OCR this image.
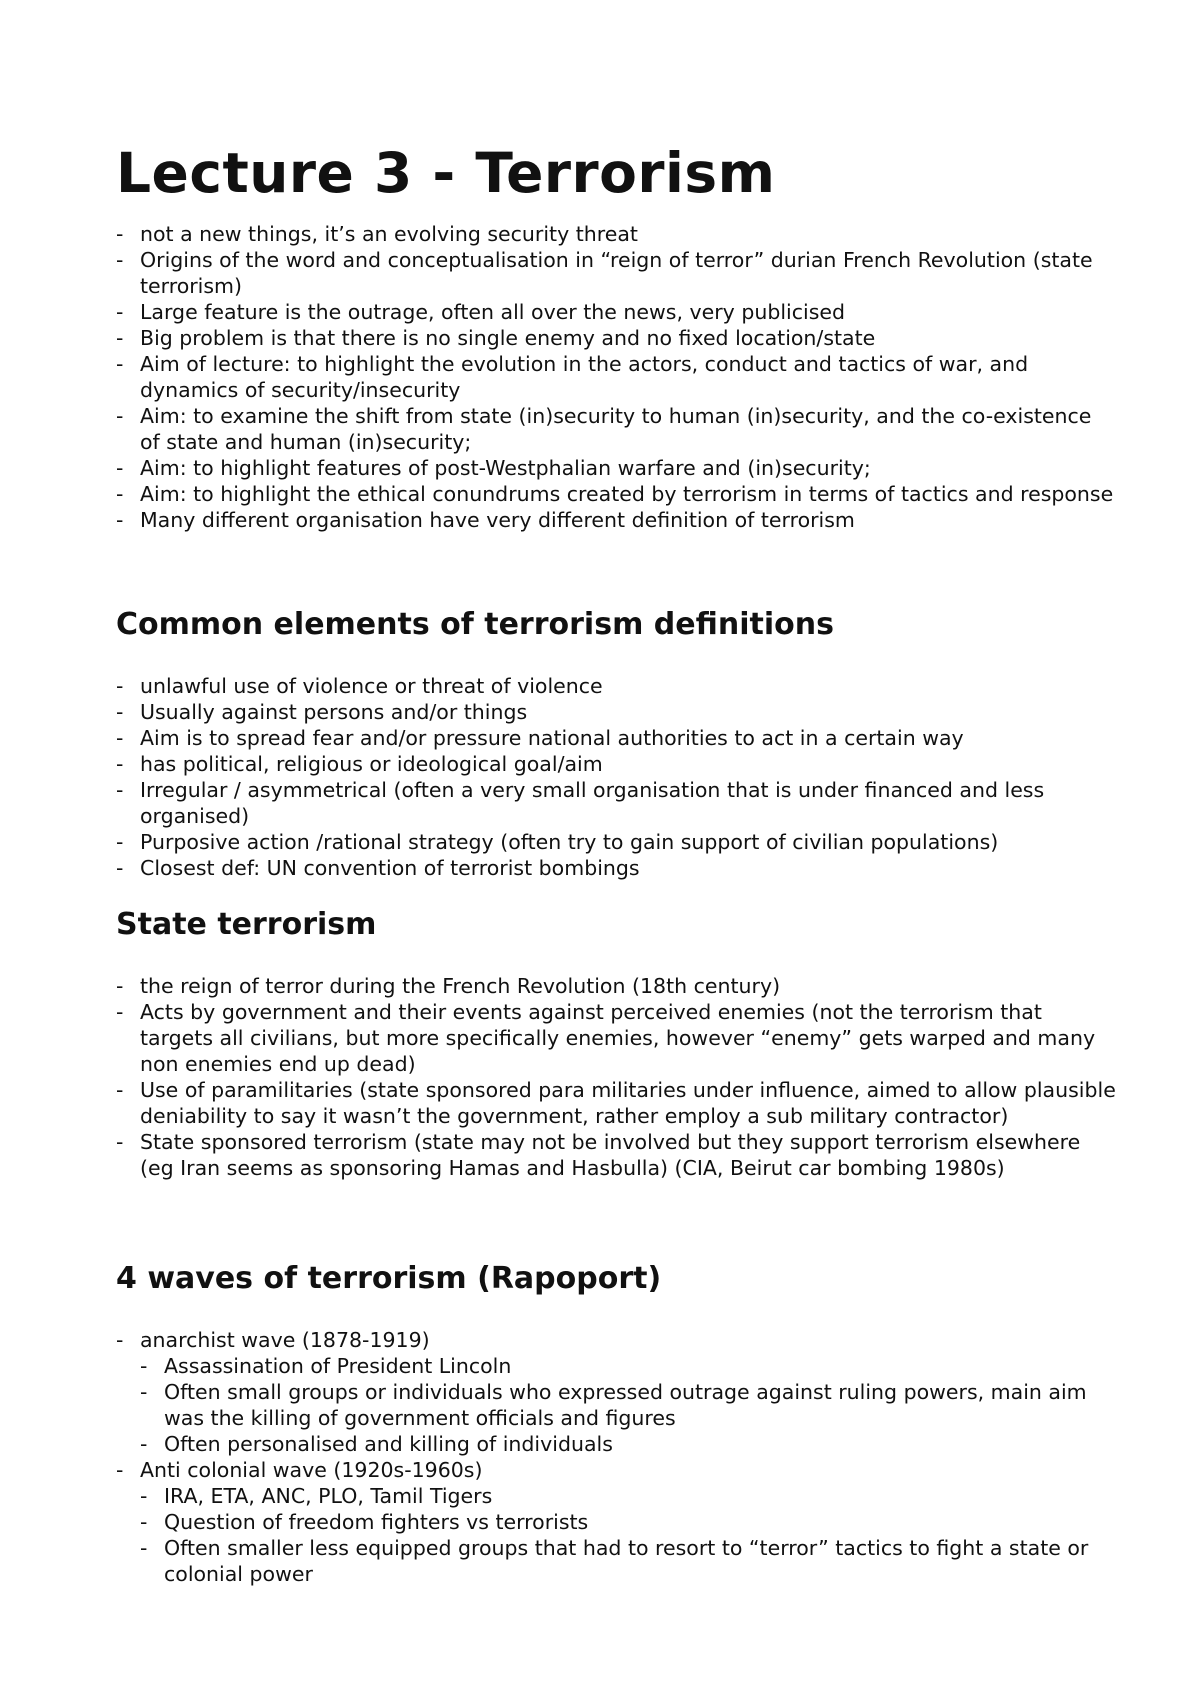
Lecture 3 - Terrorism
- not a new things, it’s an evolving security threat
- Origins of the word and conceptualisation in “reign of terror” durian French Revolution (state terrorism)
- Large feature is the outrage, often all over the news, very publicised
- Big problem is that there is no single enemy and no fixed location/state
- Aim of lecture: to highlight the evolution in the actors, conduct and tactics of war, and dynamics of security/insecurity
- Aim: to examine the shift from state (in)security to human (in)security, and the co-existence of state and human (in)security;
- Aim: to highlight features of post-Westphalian warfare and (in)security;
- Aim: to highlight the ethical conundrums created by terrorism in terms of tactics and response
- Many different organisation have very different definition of terrorism
Common elements of terrorism definitions
- unlawful use of violence or threat of violence
- Usually against persons and/or things
- Aim is to spread fear and/or pressure national authorities to act in a certain way
- has political, religious or ideological goal/aim
- Irregular / asymmetrical (often a very small organisation that is under financed and less organised)
- Purposive action /rational strategy (often try to gain support of civilian populations)
- Closest def: UN convention of terrorist bombings
State terrorism
- the reign of terror during the French Revolution (18th century)
- Acts by government and their events against perceived enemies (not the terrorism that targets all civilians, but more specifically enemies, however “enemy” gets warped and many non enemies end up dead)
- Use of paramilitaries (state sponsored para militaries under influence, aimed to allow plausible deniability to say it wasn’t the government, rather employ a sub military contractor)
- State sponsored terrorism (state may not be involved but they support terrorism elsewhere (eg Iran seems as sponsoring Hamas and Hasbulla) (CIA, Beirut car bombing 1980s)
4 waves of terrorism (Rapoport)
- anarchist wave (1878-1919)
- Assassination of President Lincoln
- Often small groups or individuals who expressed outrage against ruling powers, main aim was the killing of government officials and figures
- Often personalised and killing of individuals
- Anti colonial wave (1920s-1960s)
- IRA, ETA, ANC, PLO, Tamil Tigers
- Question of freedom fighters vs terrorists
- Often smaller less equipped groups that had to resort to “terror” tactics to fight a state or colonial power
